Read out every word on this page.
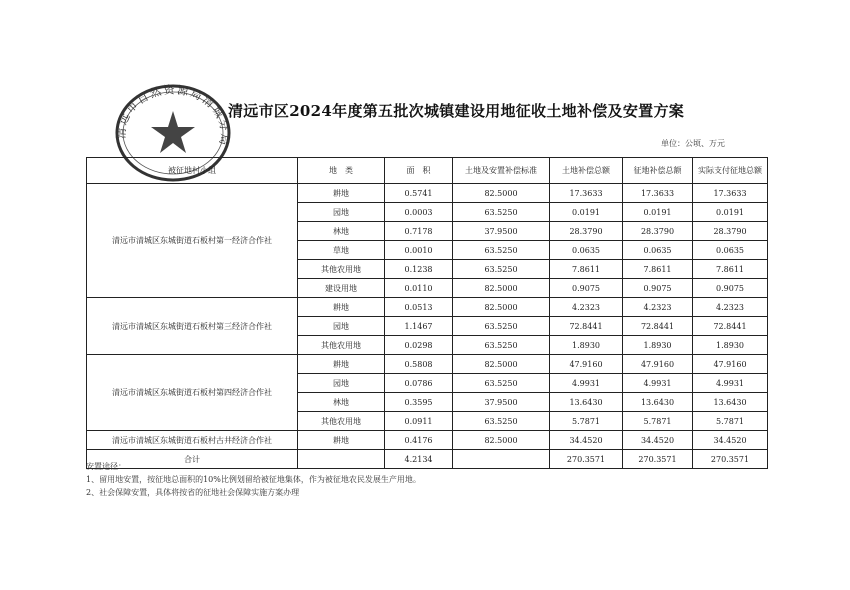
清远市自然资源局清城分局
清远市区2024年度第五批次城镇建设用地征收土地补偿及安置方案
单位：公顷、万元
被征地村小组	地　类	面　积	土地及安置补偿标准	土地补偿总额	征地补偿总额	实际支付征地总额
清远市清城区东城街道石板村第一经济合作社	耕地	0.5741	82.5000	17.3633	17.3633	17.3633
	园地	0.0003	63.5250	0.0191	0.0191	0.0191
	林地	0.7178	37.9500	28.3790	28.3790	28.3790
	草地	0.0010	63.5250	0.0635	0.0635	0.0635
	其他农用地	0.1238	63.5250	7.8611	7.8611	7.8611
	建设用地	0.0110	82.5000	0.9075	0.9075	0.9075
清远市清城区东城街道石板村第三经济合作社	耕地	0.0513	82.5000	4.2323	4.2323	4.2323
	园地	1.1467	63.5250	72.8441	72.8441	72.8441
	其他农用地	0.0298	63.5250	1.8930	1.8930	1.8930
清远市清城区东城街道石板村第四经济合作社	耕地	0.5808	82.5000	47.9160	47.9160	47.9160
	园地	0.0786	63.5250	4.9931	4.9931	4.9931
	林地	0.3595	37.9500	13.6430	13.6430	13.6430
	其他农用地	0.0911	63.5250	5.7871	5.7871	5.7871
清远市清城区东城街道石板村古井经济合作社	耕地	0.4176	82.5000	34.4520	34.4520	34.4520
合计		4.2134		270.3571	270.3571	270.3571
安置途径：
1、留用地安置，按征地总面积的10%比例划留给被征地集体，作为被征地农民发展生产用地。
2、社会保障安置，具体将按省的征地社会保障实施方案办理
